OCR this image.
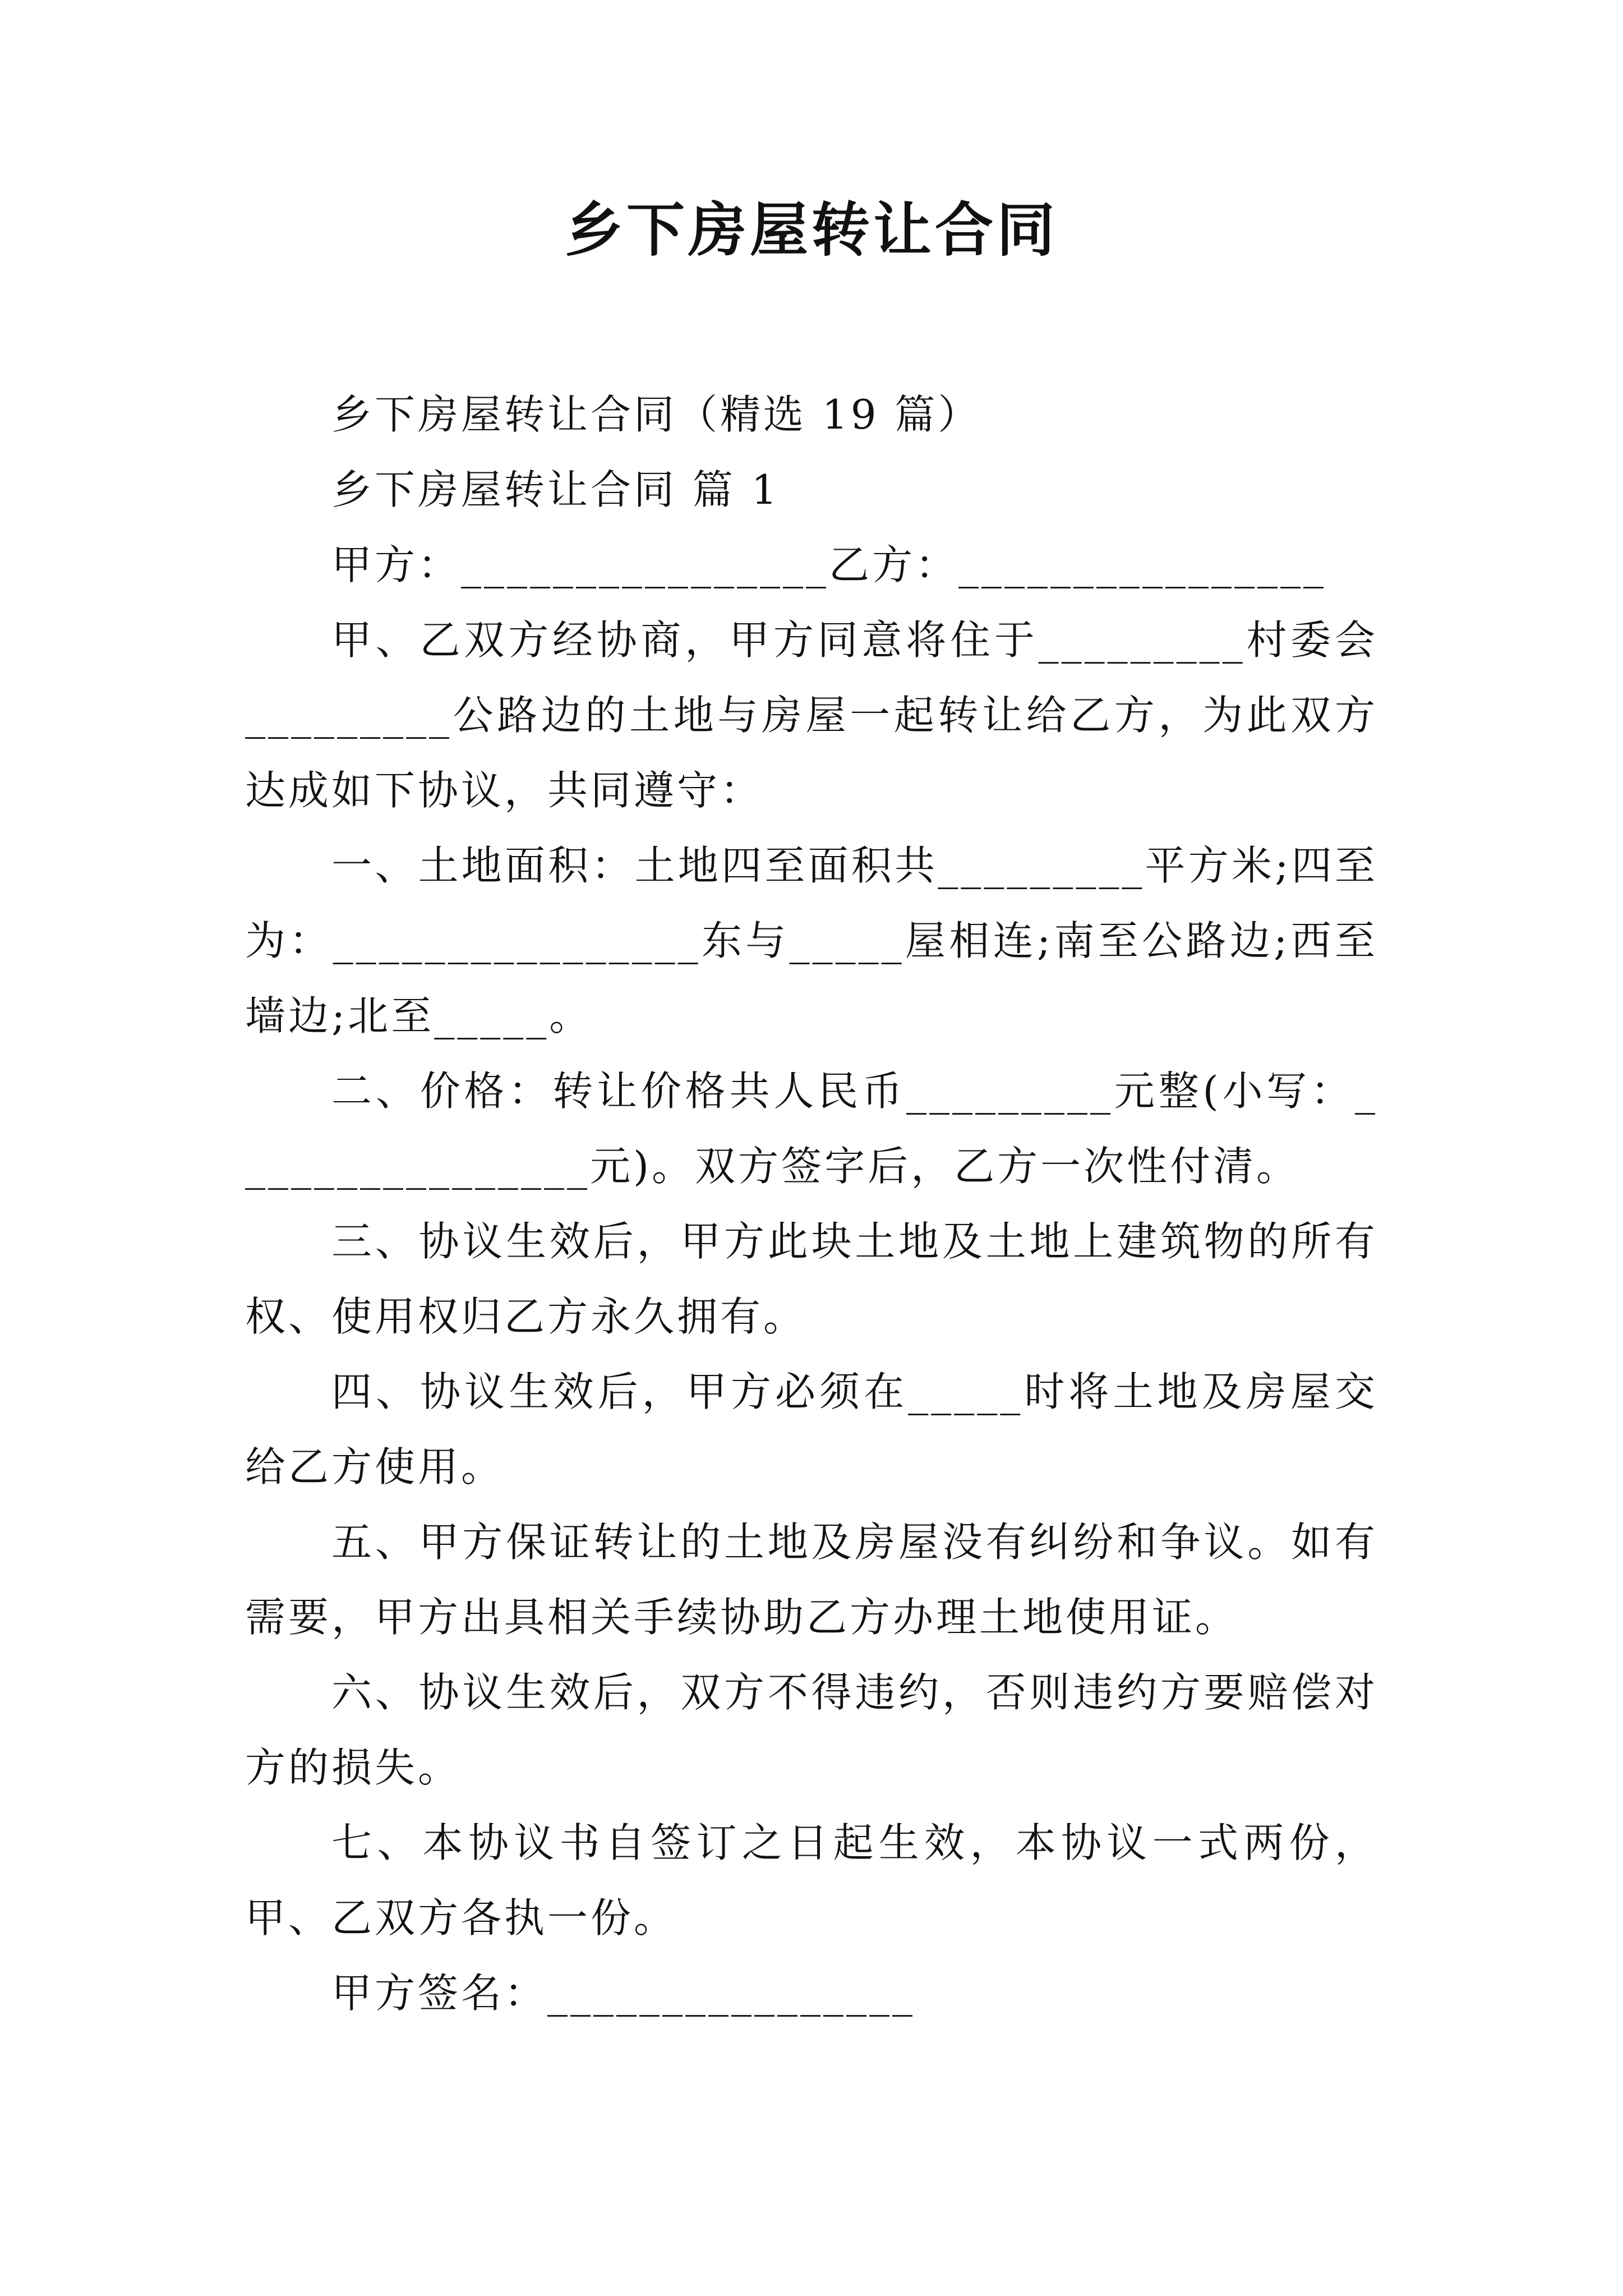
乡下房屋转让合同

乡下房屋转让合同（精选 19 篇）

乡下房屋转让合同 篇 1

甲方：________________乙方：________________

甲、乙双方经协商，甲方同意将住于_________村委会_________公路边的土地与房屋一起转让给乙方，为此双方达成如下协议，共同遵守：

一、土地面积：土地四至面积共_________平方米;四至为：________________东与_____屋相连;南至公路边;西至墙边;北至_____。

二、价格：转让价格共人民币_________元整(小写：________________元)。双方签字后，乙方一次性付清。

三、协议生效后，甲方此块土地及土地上建筑物的所有权、使用权归乙方永久拥有。

四、协议生效后，甲方必须在_____时将土地及房屋交给乙方使用。

五、甲方保证转让的土地及房屋没有纠纷和争议。如有需要，甲方出具相关手续协助乙方办理土地使用证。

六、协议生效后，双方不得违约，否则违约方要赔偿对方的损失。

七、本协议书自签订之日起生效，本协议一式两份，甲、乙双方各执一份。

甲方签名：________________
